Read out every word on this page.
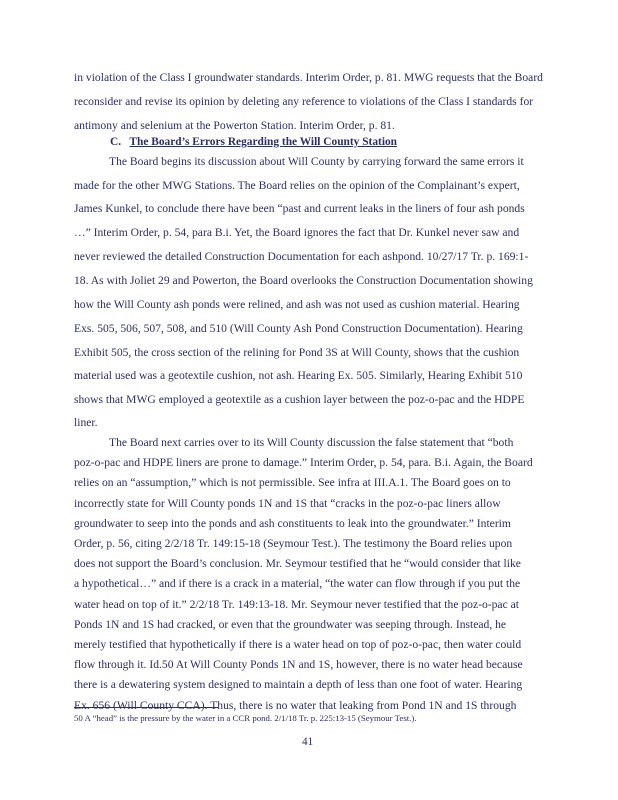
in violation of the Class I groundwater standards. Interim Order, p. 81. MWG requests that the Board
reconsider and revise its opinion by deleting any reference to violations of the Class I standards for
antimony and selenium at the Powerton Station. Interim Order, p. 81.
C. The Board’s Errors Regarding the Will County Station
The Board begins its discussion about Will County by carrying forward the same errors it
made for the other MWG Stations. The Board relies on the opinion of the Complainant’s expert,
James Kunkel, to conclude there have been “past and current leaks in the liners of four ash ponds
…” Interim Order, p. 54, para B.i. Yet, the Board ignores the fact that Dr. Kunkel never saw and
never reviewed the detailed Construction Documentation for each ashpond. 10/27/17 Tr. p. 169:1-
18. As with Joliet 29 and Powerton, the Board overlooks the Construction Documentation showing
how the Will County ash ponds were relined, and ash was not used as cushion material. Hearing
Exs. 505, 506, 507, 508, and 510 (Will County Ash Pond Construction Documentation). Hearing
Exhibit 505, the cross section of the relining for Pond 3S at Will County, shows that the cushion
material used was a geotextile cushion, not ash. Hearing Ex. 505. Similarly, Hearing Exhibit 510
shows that MWG employed a geotextile as a cushion layer between the poz-o-pac and the HDPE
liner.
The Board next carries over to its Will County discussion the false statement that “both
poz-o-pac and HDPE liners are prone to damage.” Interim Order, p. 54, para. B.i. Again, the Board
relies on an “assumption,” which is not permissible. See infra at III.A.1. The Board goes on to
incorrectly state for Will County ponds 1N and 1S that “cracks in the poz-o-pac liners allow
groundwater to seep into the ponds and ash constituents to leak into the groundwater.” Interim
Order, p. 56, citing 2/2/18 Tr. 149:15-18 (Seymour Test.). The testimony the Board relies upon
does not support the Board’s conclusion. Mr. Seymour testified that he “would consider that like
a hypothetical…” and if there is a crack in a material, “the water can flow through if you put the
water head on top of it.” 2/2/18 Tr. 149:13-18. Mr. Seymour never testified that the poz-o-pac at
Ponds 1N and 1S had cracked, or even that the groundwater was seeping through. Instead, he
merely testified that hypothetically if there is a water head on top of poz-o-pac, then water could
50 A “head” is the pressure by the water in a CCR pond. 2/1/18 Tr. p. 225:13-15 (Seymour Test.).
41
flow through it. Id.50 At Will County Ponds 1N and 1S, however, there is no water head because
there is a dewatering system designed to maintain a depth of less than one foot of water. Hearing
Ex. 656 (Will County CCA). Thus, there is no water that leaking from Pond 1N and 1S through
